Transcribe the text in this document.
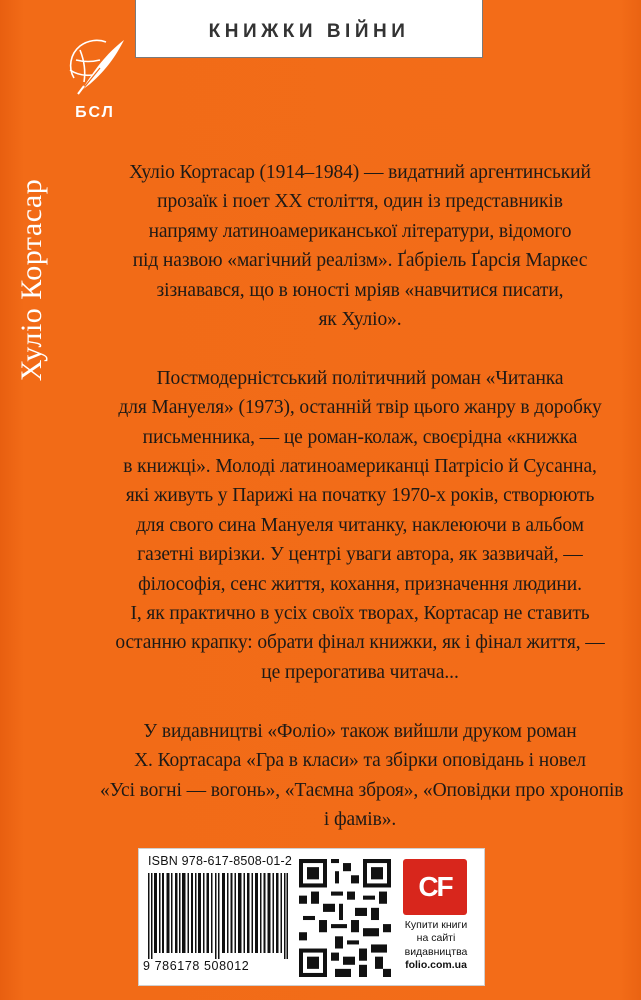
КНИЖКИ ВІЙНИ
БСЛ
Хуліо Кортасар

Хуліо Кортасар (1914–1984) — видатний аргентинський
прозаїк і поет ХХ століття, один із представників
напряму латиноамериканської літератури, відомого
під назвою «магічний реалізм». Ґабріель Ґарсія Маркес
зізнавався, що в юності мріяв «навчитися писати,
як Хуліо».

Постмодерністський політичний роман «Читанка
для Мануеля» (1973), останній твір цього жанру в доробку
письменника, — це роман-колаж, своєрідна «книжка
в книжці». Молоді латиноамериканці Патрісіо й Сусанна,
які живуть у Парижі на початку 1970-х років, створюють
для свого сина Мануеля читанку, наклеюючи в альбом
газетні вирізки. У центрі уваги автора, як зазвичай, —
філософія, сенс життя, кохання, призначення людини.
І, як практично в усіх своїх творах, Кортасар не ставить
останню крапку: обрати фінал книжки, як і фінал життя, —
це прерогатива читача...

У видавництві «Фоліо» також вийшли друком роман
Х. Кортасара «Гра в класи» та збірки оповідань і новел
«Усі вогні — вогонь», «Таємна зброя», «Оповідки про хронопів
і фамів».

ISBN 978-617-8508-01-2
9 786178 508012
CF
Купити книги
на сайті
видавництва
folio.com.ua
